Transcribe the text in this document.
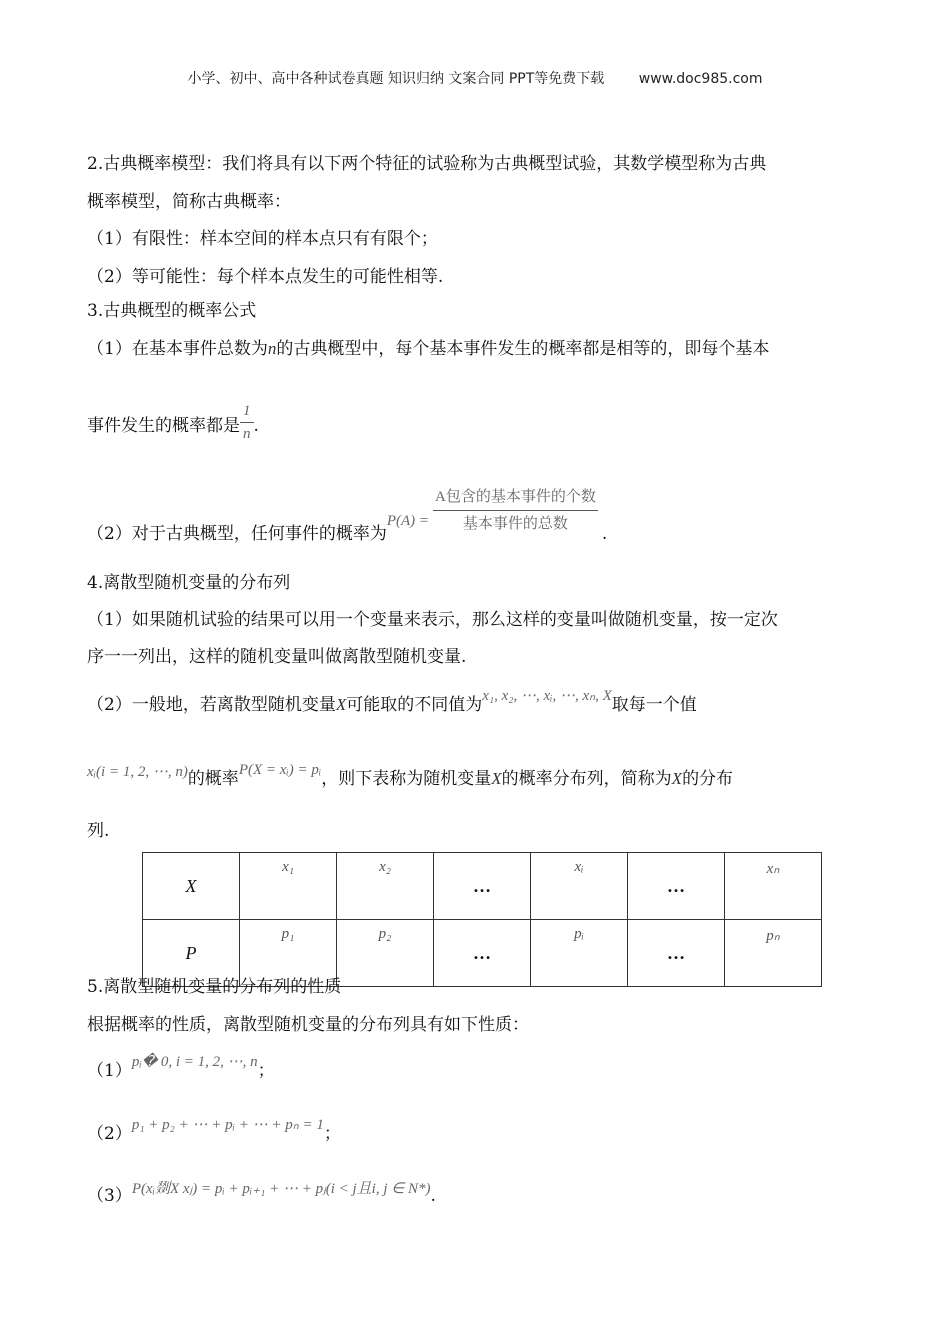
小学、初中、高中各种试卷真题 知识归纳 文案合同 PPT等免费下载 www.doc985.com
2.古典概率模型：我们将具有以下两个特征的试验称为古典概型试验，其数学模型称为古典
概率模型，简称古典概率：
（1）有限性：样本空间的样本点只有有限个；
（2）等可能性：每个样本点发生的可能性相等.
3.古典概型的概率公式
（1）在基本事件总数为n的古典概型中，每个基本事件发生的概率都是相等的，即每个基本
事件发生的概率都是 $\frac{1}{n}$ .
（2）对于古典概型，任何事件的概率为$P(A) = \frac{\text{A包含的基本事件的个数}}{\text{基本事件的总数}}$ .
4.离散型随机变量的分布列
（1）如果随机试验的结果可以用一个变量来表示，那么这样的变量叫做随机变量，按一定次
序一一列出，这样的随机变量叫做离散型随机变量.
（2）一般地，若离散型随机变量X可能取的不同值为x₁, x₂, ⋯, xᵢ, ⋯, xₙ, X取每一个值
xᵢ(i = 1, 2, ⋯, n)的概率P(X = xᵢ) = pᵢ，则下表称为随机变量X的概率分布列，简称为X的分布
列.
X	x₁	x₂	…	xᵢ	…	xₙ
P	p₁	p₂	…	pᵢ	…	pₙ
5.离散型随机变量的分布列的性质
根据概率的性质，离散型随机变量的分布列具有如下性质：
（1）pᵢ� 0, i = 1, 2, ⋯, n；
（2）p₁ + p₂ + ⋯ + pᵢ + ⋯ + pₙ = 1；
（3）P(xᵢ剟X xⱼ) = pᵢ + pᵢ₊₁ + ⋯ + pⱼ(i < j且i, j ∈ N*).
